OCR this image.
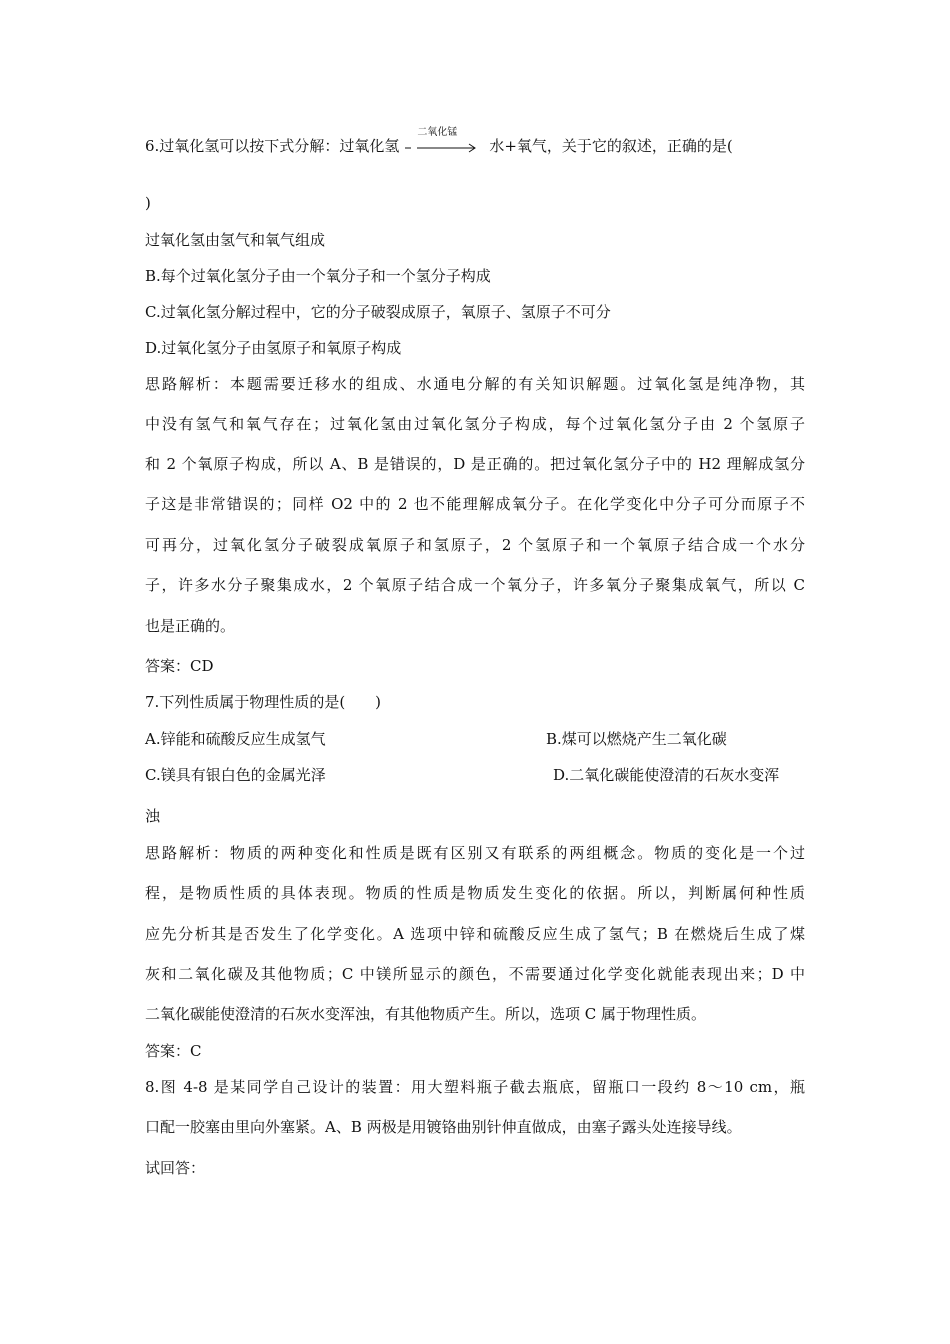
6.过氧化氢可以按下式分解：过氧化氢
二氧化锰
水+氧气，关于它的叙述，正确的是(
)
过氧化氢由氢气和氧气组成
B.每个过氧化氢分子由一个氧分子和一个氢分子构成
C.过氧化氢分解过程中，它的分子破裂成原子，氧原子、氢原子不可分
D.过氧化氢分子由氢原子和氧原子构成
思路解析：本题需要迁移水的组成、水通电分解的有关知识解题。过氧化氢是纯净物，其
中没有氢气和氧气存在；过氧化氢由过氧化氢分子构成，每个过氧化氢分子由 2 个氢原子
和 2 个氧原子构成，所以 A、B 是错误的，D 是正确的。把过氧化氢分子中的 H2 理解成氢分
子这是非常错误的；同样 O2 中的 2 也不能理解成氧分子。在化学变化中分子可分而原子不
可再分，过氧化氢分子破裂成氧原子和氢原子，2 个氢原子和一个氧原子结合成一个水分
子，许多水分子聚集成水，2 个氧原子结合成一个氧分子，许多氧分子聚集成氧气，所以 C
也是正确的。
答案：CD
7.下列性质属于物理性质的是(　　)
A.锌能和硫酸反应生成氢气	B.煤可以燃烧产生二氧化碳
C.镁具有银白色的金属光泽	D.二氧化碳能使澄清的石灰水变浑
浊
思路解析：物质的两种变化和性质是既有区别又有联系的两组概念。物质的变化是一个过
程，是物质性质的具体表现。物质的性质是物质发生变化的依据。所以，判断属何种性质
应先分析其是否发生了化学变化。A 选项中锌和硫酸反应生成了氢气；B 在燃烧后生成了煤
灰和二氧化碳及其他物质；C 中镁所显示的颜色，不需要通过化学变化就能表现出来；D 中
二氧化碳能使澄清的石灰水变浑浊，有其他物质产生。所以，选项 C 属于物理性质。
答案：C
8.图 4-8 是某同学自己设计的装置：用大塑料瓶子截去瓶底，留瓶口一段约 8～10 cm，瓶
口配一胶塞由里向外塞紧。A、B 两极是用镀铬曲别针伸直做成，由塞子露头处连接导线。
试回答：
